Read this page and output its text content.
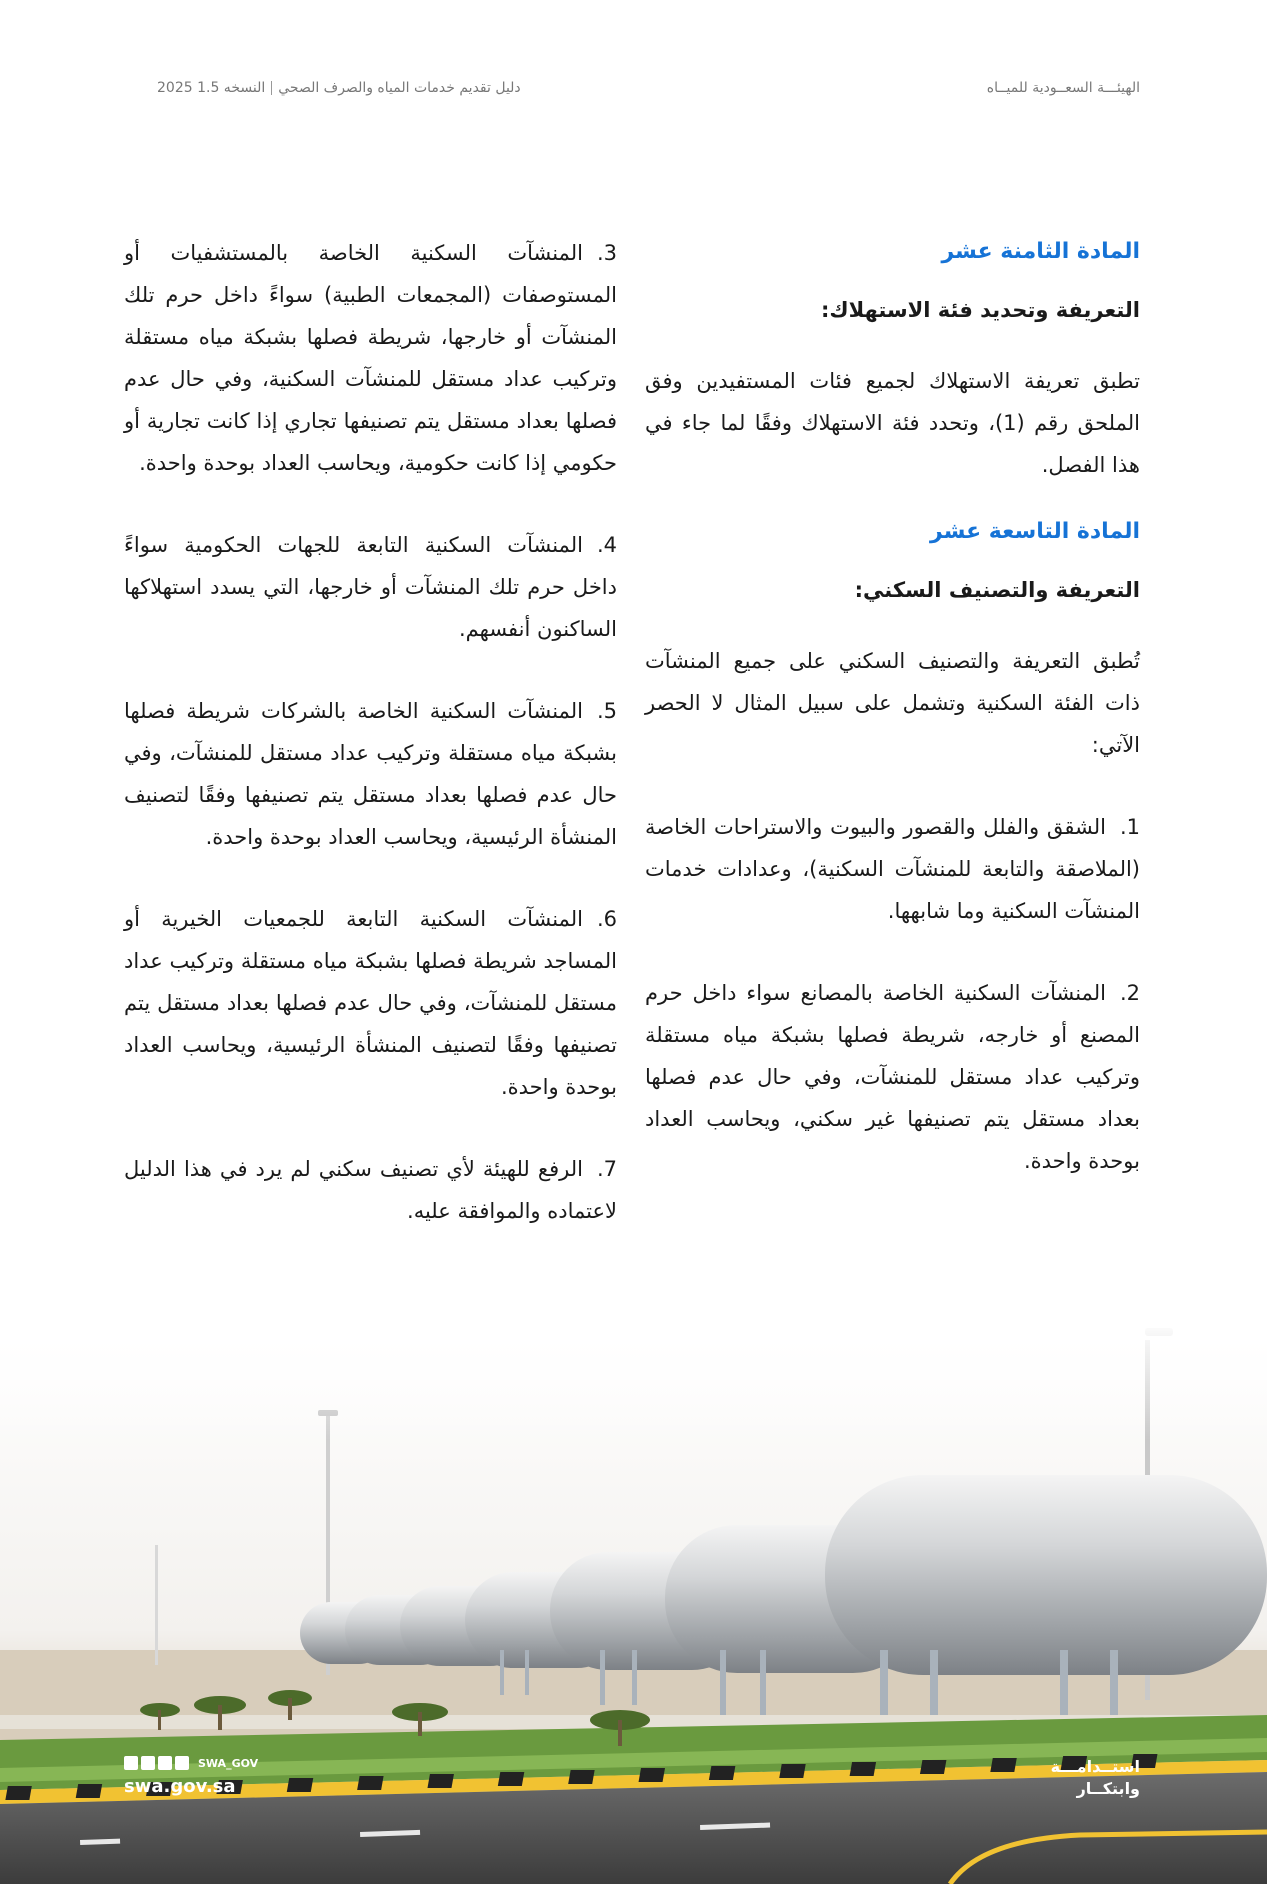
الهيئـــة السعــودية للميــاه
دليل تقديم خدمات المياه والصرف الصحيالنسخه 1.5 2025
المادة الثامنة عشر
التعريفة وتحديد فئة الاستهلاك:

تطبق تعريفة الاستهلاك لجميع فئات المستفيدين وفق الملحق رقم (1)، وتحدد فئة الاستهلاك وفقًا لما جاء في هذا الفصل.

المادة التاسعة عشر
التعريفة والتصنيف السكني:

تُطبق التعريفة والتصنيف السكني على جميع المنشآت ذات الفئة السكنية وتشمل على سبيل المثال لا الحصر الآتي:

1.الشقق والفلل والقصور والبيوت والاستراحات الخاصة (الملاصقة والتابعة للمنشآت السكنية)، وعدادات خدمات المنشآت السكنية وما شابهها.

2.المنشآت السكنية الخاصة بالمصانع سواء داخل حرم المصنع أو خارجه، شريطة فصلها بشبكة مياه مستقلة وتركيب عداد مستقل للمنشآت، وفي حال عدم فصلها بعداد مستقل يتم تصنيفها غير سكني، ويحاسب العداد بوحدة واحدة.

3.المنشآت السكنية الخاصة بالمستشفيات أو المستوصفات (المجمعات الطبية) سواءً داخل حرم تلك المنشآت أو خارجها، شريطة فصلها بشبكة مياه مستقلة وتركيب عداد مستقل للمنشآت السكنية، وفي حال عدم فصلها بعداد مستقل يتم تصنيفها تجاري إذا كانت تجارية أو حكومي إذا كانت حكومية، ويحاسب العداد بوحدة واحدة.

4.المنشآت السكنية التابعة للجهات الحكومية سواءً داخل حرم تلك المنشآت أو خارجها، التي يسدد استهلاكها الساكنون أنفسهم.

5.المنشآت السكنية الخاصة بالشركات شريطة فصلها بشبكة مياه مستقلة وتركيب عداد مستقل للمنشآت، وفي حال عدم فصلها بعداد مستقل يتم تصنيفها وفقًا لتصنيف المنشأة الرئيسية، ويحاسب العداد بوحدة واحدة.

6.المنشآت السكنية التابعة للجمعيات الخيرية أو المساجد شريطة فصلها بشبكة مياه مستقلة وتركيب عداد مستقل للمنشآت، وفي حال عدم فصلها بعداد مستقل يتم تصنيفها وفقًا لتصنيف المنشأة الرئيسية، ويحاسب العداد بوحدة واحدة.

7.الرفع للهيئة لأي تصنيف سكني لم يرد في هذا الدليل لاعتماده والموافقة عليه.

SWA_GOV
swa.gov.sa
استــدامـــة
وابتكــار
